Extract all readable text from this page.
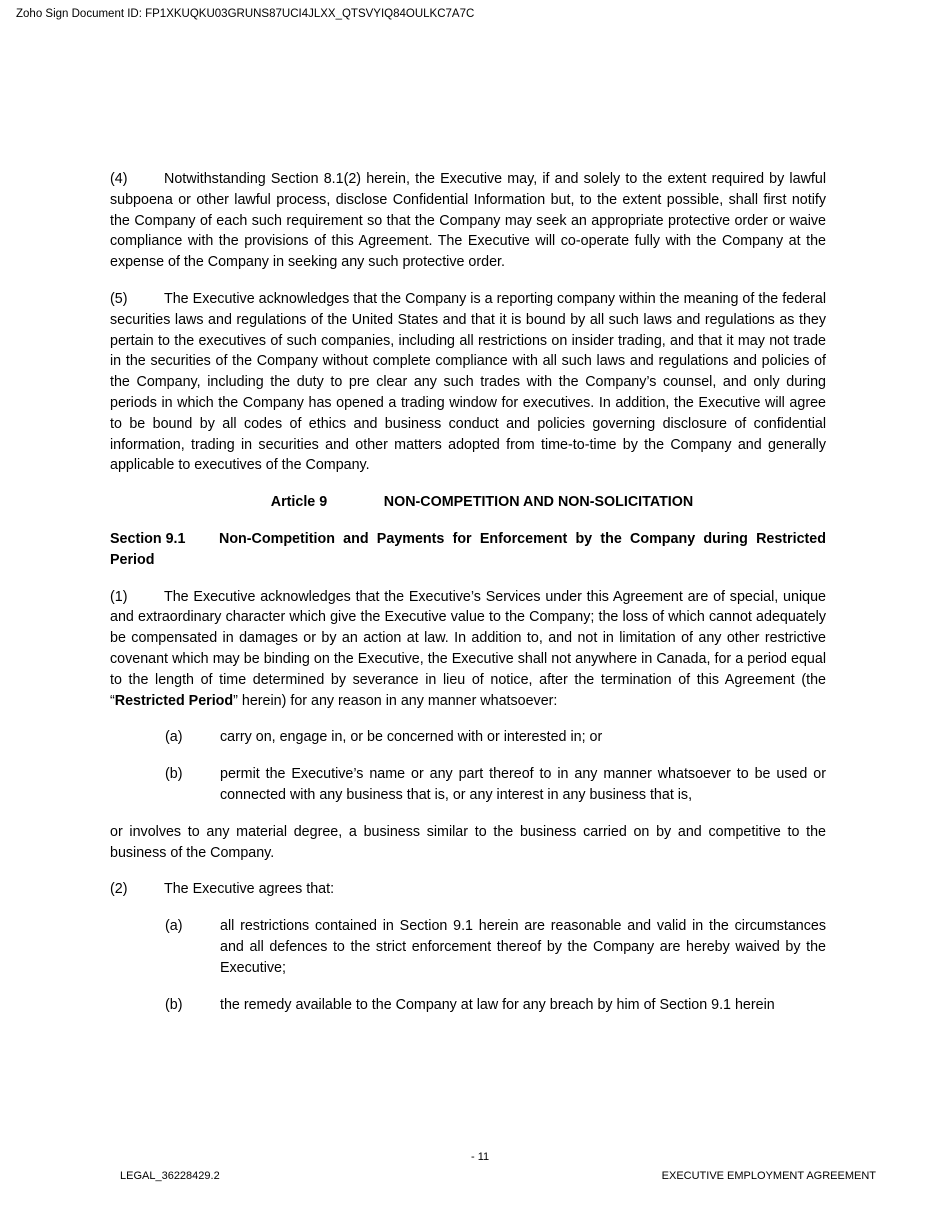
Zoho Sign Document ID: FP1XKUQKU03GRUNS87UCI4JLXX_QTSVYIQ84OULKC7A7C

(4)	Notwithstanding Section 8.1(2) herein, the Executive may, if and solely to the extent required by lawful subpoena or other lawful process, disclose Confidential Information but, to the extent possible, shall first notify the Company of each such requirement so that the Company may seek an appropriate protective order or waive compliance with the provisions of this Agreement. The Executive will co-operate fully with the Company at the expense of the Company in seeking any such protective order.

(5)	The Executive acknowledges that the Company is a reporting company within the meaning of the federal securities laws and regulations of the United States and that it is bound by all such laws and regulations as they pertain to the executives of such companies, including all restrictions on insider trading, and that it may not trade in the securities of the Company without complete compliance with all such laws and regulations and policies of the Company, including the duty to pre clear any such trades with the Company’s counsel, and only during periods in which the Company has opened a trading window for executives. In addition, the Executive will agree to be bound by all codes of ethics and business conduct and policies governing disclosure of confidential information, trading in securities and other matters adopted from time-to-time by the Company and generally applicable to executives of the Company.

Article 9	NON-COMPETITION AND NON-SOLICITATION

Section 9.1 Non-Competition and Payments for Enforcement by the Company during Restricted Period

(1)	The Executive acknowledges that the Executive’s Services under this Agreement are of special, unique and extraordinary character which give the Executive value to the Company; the loss of which cannot adequately be compensated in damages or by an action at law. In addition to, and not in limitation of any other restrictive covenant which may be binding on the Executive, the Executive shall not anywhere in Canada, for a period equal to the length of time determined by severance in lieu of notice, after the termination of this Agreement (the “Restricted Period” herein) for any reason in any manner whatsoever:

(a)	carry on, engage in, or be concerned with or interested in; or
(b)	permit the Executive’s name or any part thereof to in any manner whatsoever to be used or connected with any business that is, or any interest in any business that is,

or involves to any material degree, a business similar to the business carried on by and competitive to the business of the Company.

(2)	The Executive agrees that:

(a)	all restrictions contained in Section 9.1 herein are reasonable and valid in the circumstances and all defences to the strict enforcement thereof by the Company are hereby waived by the Executive;
(b)	the remedy available to the Company at law for any breach by him of Section 9.1 herein
- 11
LEGAL_36228429.2	EXECUTIVE EMPLOYMENT AGREEMENT
